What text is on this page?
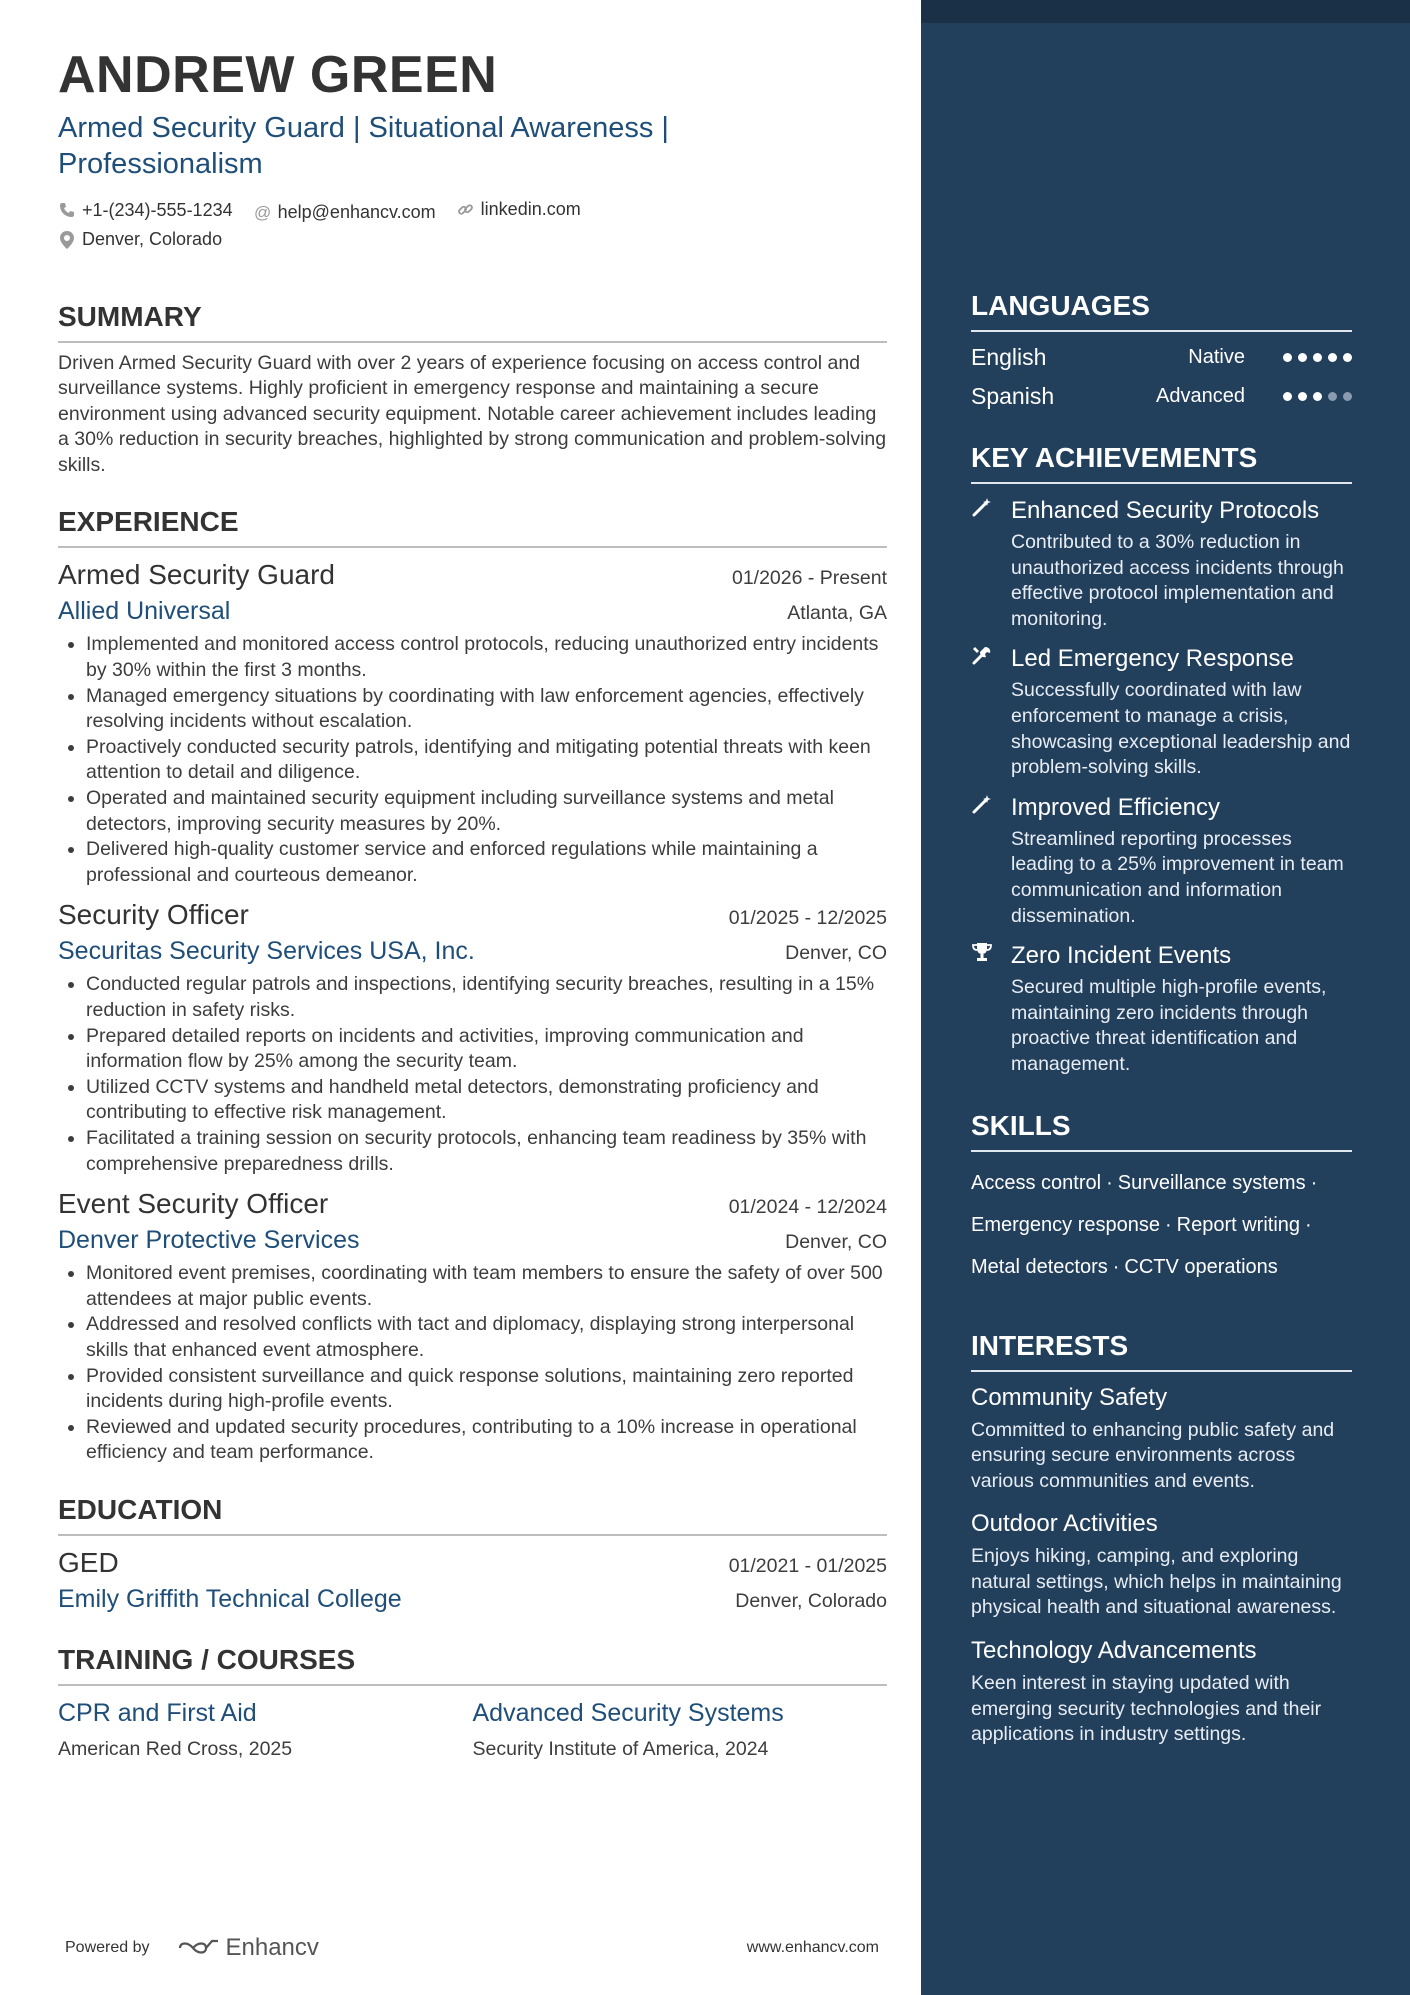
ANDREW GREEN
Armed Security Guard | Situational Awareness | Professionalism
+1-(234)-555-1234
@ help@enhancv.com
	linkedin.com

Denver, Colorado
SUMMARY
Driven Armed Security Guard with over 2 years of experience focusing on access control and surveillance systems. Highly proficient in emergency response and maintaining a secure environment using advanced security equipment. Notable career achievement includes leading a 30% reduction in security breaches, highlighted by strong communication and problem-solving skills.
EXPERIENCE
Armed Security Guard	01/2026 - Present
Allied Universal	Atlanta, GA
• Implemented and monitored access control protocols, reducing unauthorized entry incidents by 30% within the first 3 months.
• Managed emergency situations by coordinating with law enforcement agencies, effectively resolving incidents without escalation.
• Proactively conducted security patrols, identifying and mitigating potential threats with keen attention to detail and diligence.
• Operated and maintained security equipment including surveillance systems and metal detectors, improving security measures by 20%.
• Delivered high-quality customer service and enforced regulations while maintaining a professional and courteous demeanor.
Security Officer	01/2025 - 12/2025
Securitas Security Services USA, Inc.	Denver, CO
• Conducted regular patrols and inspections, identifying security breaches, resulting in a 15% reduction in safety risks.
• Prepared detailed reports on incidents and activities, improving communication and information flow by 25% among the security team.
• Utilized CCTV systems and handheld metal detectors, demonstrating proficiency and contributing to effective risk management.
• Facilitated a training session on security protocols, enhancing team readiness by 35% with comprehensive preparedness drills.
Event Security Officer	01/2024 - 12/2024
Denver Protective Services	Denver, CO
• Monitored event premises, coordinating with team members to ensure the safety of over 500 attendees at major public events.
• Addressed and resolved conflicts with tact and diplomacy, displaying strong interpersonal skills that enhanced event atmosphere.
• Provided consistent surveillance and quick response solutions, maintaining zero reported incidents during high-profile events.
• Reviewed and updated security procedures, contributing to a 10% increase in operational efficiency and team performance.
EDUCATION
GED	01/2021 - 01/2025
Emily Griffith Technical College	Denver, Colorado
TRAINING / COURSES
CPR and First Aid
American Red Cross, 2025
Advanced Security Systems
Security Institute of America, 2024
Powered by	Enhancv	www.enhancv.com
LANGUAGES
English	Native
Spanish	Advanced
KEY ACHIEVEMENTS
Enhanced Security Protocols
Contributed to a 30% reduction in unauthorized access incidents through effective protocol implementation and monitoring.
Led Emergency Response
Successfully coordinated with law enforcement to manage a crisis, showcasing exceptional leadership and problem-solving skills.
Improved Efficiency
Streamlined reporting processes leading to a 25% improvement in team communication and information dissemination.
Zero Incident Events
Secured multiple high-profile events, maintaining zero incidents through proactive threat identification and management.
SKILLS
Access control · Surveillance systems ·
Emergency response · Report writing ·
Metal detectors · CCTV operations
INTERESTS
Community Safety
Committed to enhancing public safety and ensuring secure environments across various communities and events.
Outdoor Activities
Enjoys hiking, camping, and exploring natural settings, which helps in maintaining physical health and situational awareness.
Technology Advancements
Keen interest in staying updated with emerging security technologies and their applications in industry settings.
